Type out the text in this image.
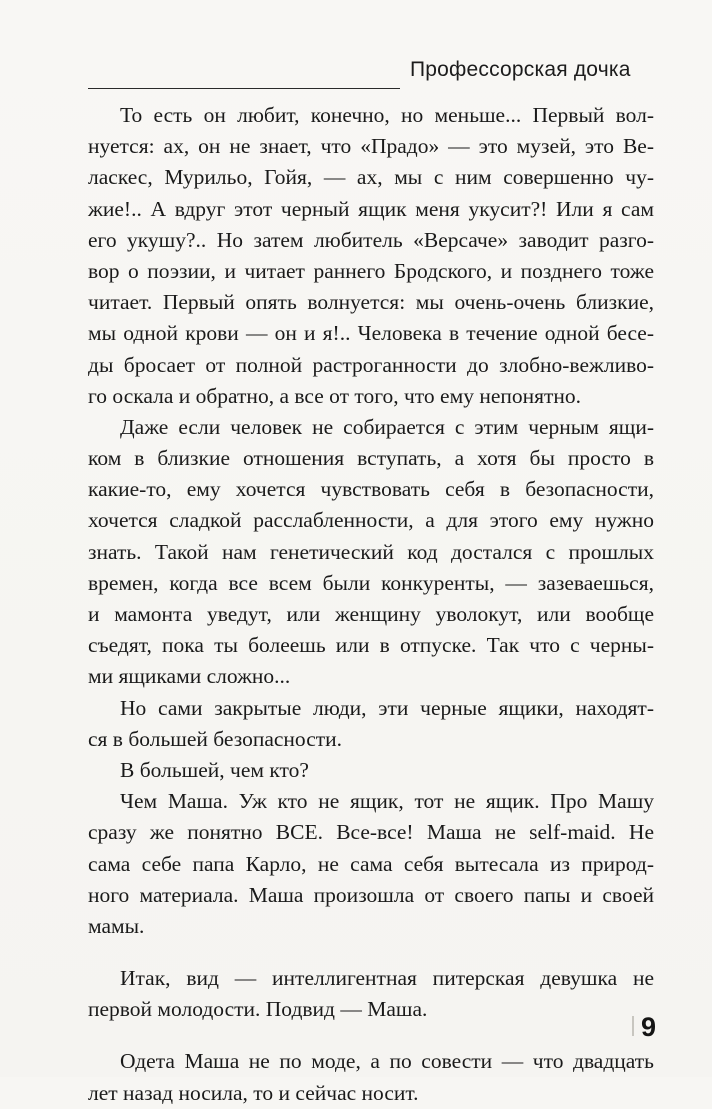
Профессорская дочка
То есть он любит, конечно, но меньше... Первый вол-
нуется: ах, он не знает, что «Прадо» — это музей, это Ве-
ласкес, Мурильо, Гойя, — ах, мы с ним совершенно чу-
жие!.. А вдруг этот черный ящик меня укусит?! Или я сам
его укушу?.. Но затем любитель «Версаче» заводит разго-
вор о поэзии, и читает раннего Бродского, и позднего тоже
читает. Первый опять волнуется: мы очень-очень близкие,
мы одной крови — он и я!.. Человека в течение одной бесе-
ды бросает от полной растроганности до злобно-вежливо-
го оскала и обратно, а все от того, что ему непонятно.
Даже если человек не собирается с этим черным ящи-
ком в близкие отношения вступать, а хотя бы просто в
какие-то, ему хочется чувствовать себя в безопасности,
хочется сладкой расслабленности, а для этого ему нужно
знать. Такой нам генетический код достался с прошлых
времен, когда все всем были конкуренты, — зазеваешься,
и мамонта уведут, или женщину уволокут, или вообще
съедят, пока ты болеешь или в отпуске. Так что с черны-
ми ящиками сложно...
Но сами закрытые люди, эти черные ящики, находят-
ся в большей безопасности.
В большей, чем кто?
Чем Маша. Уж кто не ящик, тот не ящик. Про Машу
сразу же понятно ВСЕ. Все-все! Маша не self-maid. Не
сама себе папа Карло, не сама себя вытесала из природ-
ного материала. Маша произошла от своего папы и своей
мамы.
Итак, вид — интеллигентная питерская девушка не
первой молодости. Подвид — Маша.
Одета Маша не по моде, а по совести — что двадцать
лет назад носила, то и сейчас носит.
9
